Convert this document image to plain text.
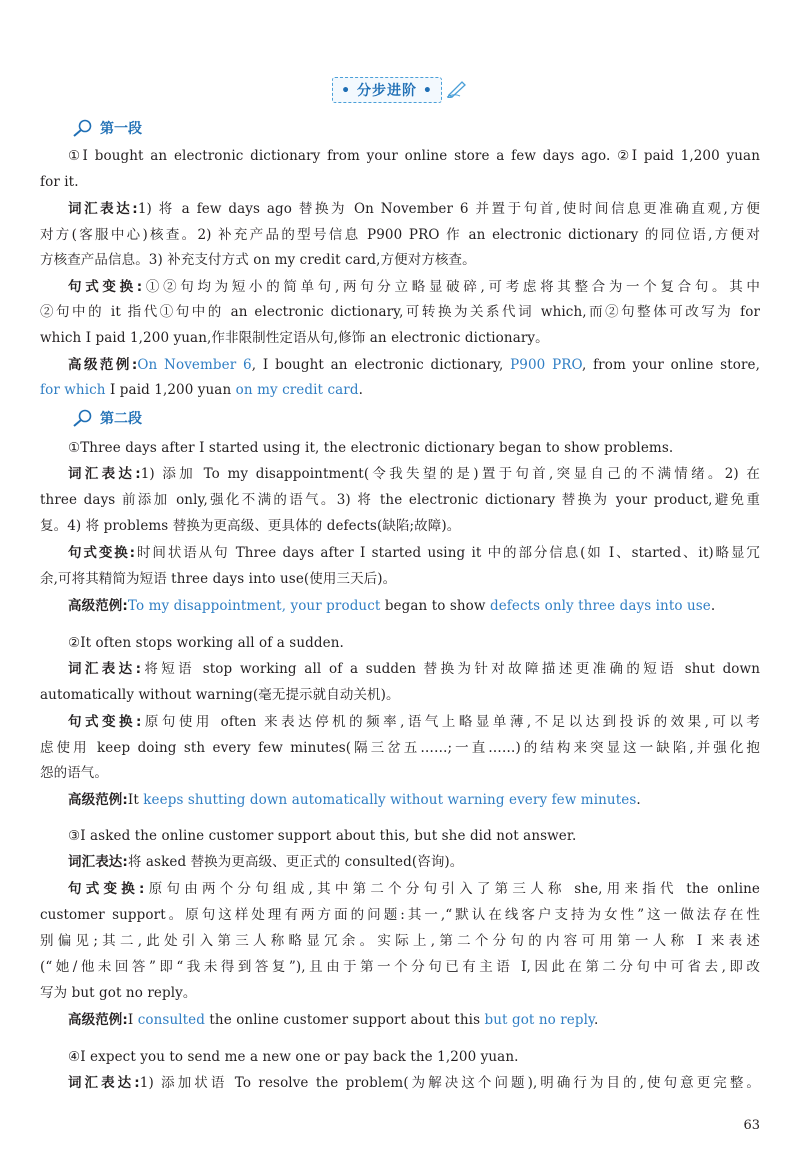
• 分步进阶 •
第一段
①I bought an electronic dictionary from your online store a few days ago. ②I paid 1,200 yuan
for it.
词汇表达:1) 将 a few days ago 替换为 On November 6 并置于句首,使时间信息更准确直观,方便
对方(客服中心)核查。2) 补充产品的型号信息 P900 PRO 作 an electronic dictionary 的同位语,方便对
方核查产品信息。3) 补充支付方式 on my credit card,方便对方核查。
句式变换:①②句均为短小的简单句,两句分立略显破碎,可考虑将其整合为一个复合句。其中
②句中的 it 指代①句中的 an electronic dictionary,可转换为关系代词 which,而②句整体可改写为 for
which I paid 1,200 yuan,作非限制性定语从句,修饰 an electronic dictionary。
高级范例:On November 6, I bought an electronic dictionary, P900 PRO, from your online store,
for which I paid 1,200 yuan on my credit card.
第二段
①Three days after I started using it, the electronic dictionary began to show problems.
词汇表达:1) 添加 To my disappointment(令我失望的是)置于句首,突显自己的不满情绪。2) 在
three days 前添加 only,强化不满的语气。3) 将 the electronic dictionary 替换为 your product,避免重
复。4) 将 problems 替换为更高级、更具体的 defects(缺陷;故障)。
句式变换:时间状语从句 Three days after I started using it 中的部分信息(如 I、started、it)略显冗
余,可将其精简为短语 three days into use(使用三天后)。
高级范例:To my disappointment, your product began to show defects only three days into use.
②It often stops working all of a sudden.
词汇表达:将短语 stop working all of a sudden 替换为针对故障描述更准确的短语 shut down
automatically without warning(毫无提示就自动关机)。
句式变换:原句使用 often 来表达停机的频率,语气上略显单薄,不足以达到投诉的效果,可以考
虑使用 keep doing sth every few minutes(隔三岔五……;一直……)的结构来突显这一缺陷,并强化抱
怨的语气。
高级范例:It keeps shutting down automatically without warning every few minutes.
③I asked the online customer support about this, but she did not answer.
词汇表达:将 asked 替换为更高级、更正式的 consulted(咨询)。
句式变换:原句由两个分句组成,其中第二个分句引入了第三人称 she,用来指代 the online
customer support。原句这样处理有两方面的问题:其一,“默认在线客户支持为女性”这一做法存在性
别偏见;其二,此处引入第三人称略显冗余。实际上,第二个分句的内容可用第一人称 I 来表述
(“她/他未回答”即“我未得到答复”),且由于第一个分句已有主语 I,因此在第二分句中可省去,即改
写为 but got no reply。
高级范例:I consulted the online customer support about this but got no reply.
④I expect you to send me a new one or pay back the 1,200 yuan.
词汇表达:1) 添加状语 To resolve the problem(为解决这个问题),明确行为目的,使句意更完整。
63
